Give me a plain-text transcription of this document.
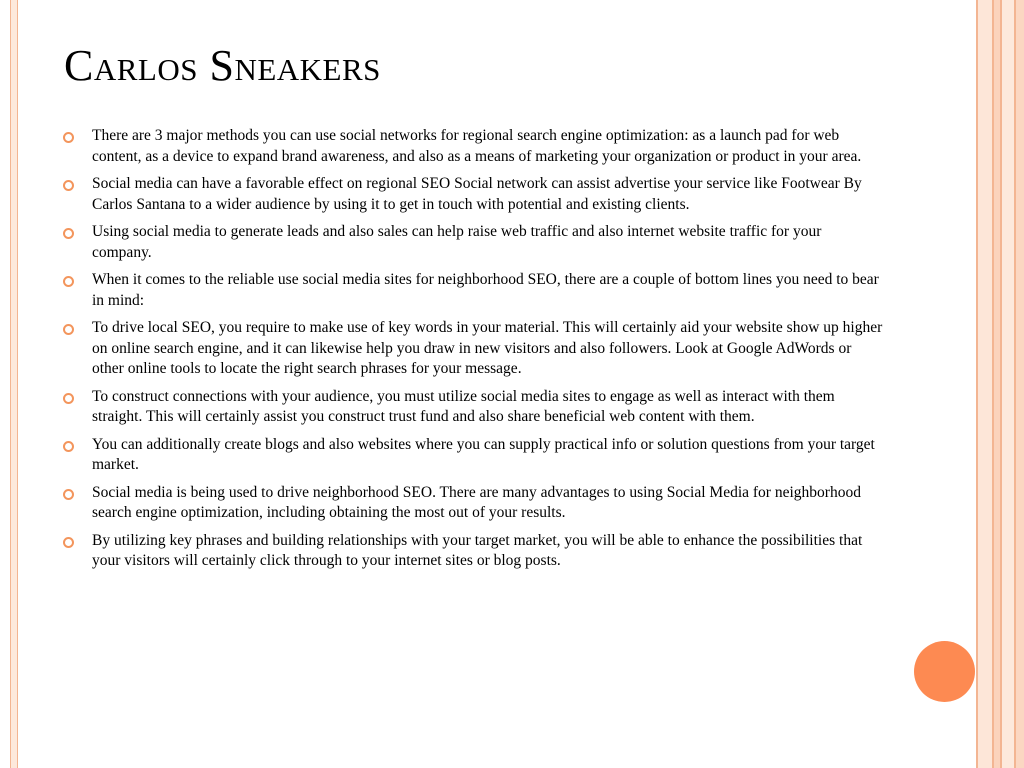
Carlos Sneakers
There are 3 major methods you can use social networks for regional search engine optimization: as a launch pad for web content, as a device to expand brand awareness, and also as a means of marketing your organization or product in your area.
Social media can have a favorable effect on regional SEO Social network can assist advertise your service like Footwear By Carlos Santana to a wider audience by using it to get in touch with potential and existing clients.
Using social media to generate leads and also sales can help raise web traffic and also internet website traffic for your company.
When it comes to the reliable use social media sites for neighborhood SEO, there are a couple of bottom lines you need to bear in mind:
To drive local SEO, you require to make use of key words in your material. This will certainly aid your website show up higher on online search engine, and it can likewise help you draw in new visitors and also followers. Look at Google AdWords or other online tools to locate the right search phrases for your message.
To construct connections with your audience, you must utilize social media sites to engage as well as interact with them straight. This will certainly assist you construct trust fund and also share beneficial web content with them.
You can additionally create blogs and also websites where you can supply practical info or solution questions from your target market.
Social media is being used to drive neighborhood SEO. There are many advantages to using Social Media for neighborhood search engine optimization, including obtaining the most out of your results.
By utilizing key phrases and building relationships with your target market, you will be able to enhance the possibilities that your visitors will certainly click through to your internet sites or blog posts.
